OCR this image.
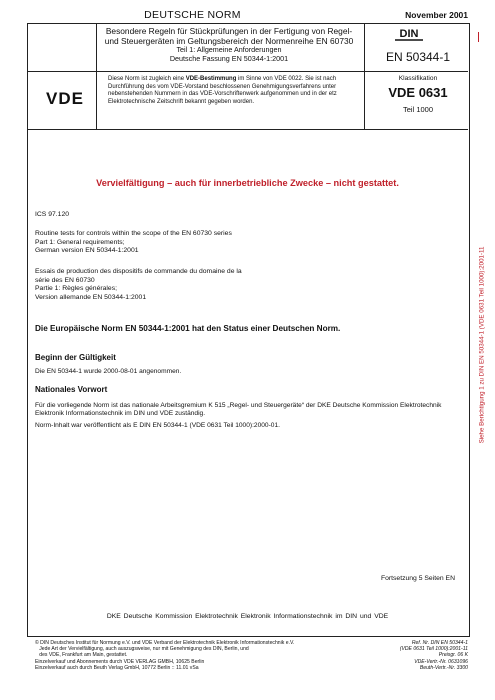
DEUTSCHE NORM	November 2001
Besondere Regeln für Stückprüfungen in der Fertigung von Regel-
und Steuergeräten im Geltungsbereich der Normenreihe EN 60730
Teil 1: Allgemeine Anforderungen
Deutsche Fassung EN 50344-1:2001
DIN
EN 50344-1
VDE
Diese Norm ist zugleich eine VDE-Bestimmung im Sinne von VDE 0022. Sie ist nach Durchführung des vom VDE-Vorstand beschlossenen Genehmigungsverfahrens unter nebenstehenden Nummern in das VDE-Vorschriftenwerk aufgenommen und in der etz Elektrotechnische Zeitschrift bekannt gegeben worden.
Klassifikation
VDE 0631
Teil 1000
Vervielfältigung – auch für innerbetriebliche Zwecke – nicht gestattet.
ICS 97.120
Routine tests for controls within the scope of the EN 60730 series
Part 1: General requirements;
German version EN 50344-1:2001
Essais de production des dispositifs de commande du domaine de la
série des EN 60730
Partie 1: Règles générales;
Version allemande EN 50344-1:2001
Die Europäische Norm EN 50344-1:2001 hat den Status einer Deutschen Norm.
Beginn der Gültigkeit
Die EN 50344-1 wurde 2000-08-01 angenommen.
Nationales Vorwort
Für die vorliegende Norm ist das nationale Arbeitsgremium K 515 „Regel- und Steuergeräte“ der DKE Deutsche Kommission Elektrotechnik Elektronik Informationstechnik im DIN und VDE zuständig.
Norm-Inhalt war veröffentlicht als E DIN EN 50344-1 (VDE 0631 Teil 1000):2000-01.
Fortsetzung 5 Seiten EN
DKE Deutsche Kommission Elektrotechnik Elektronik Informationstechnik im DIN und VDE
© DIN Deutsches Institut für Normung e.V. und VDE Verband der Elektrotechnik Elektronik Informationstechnik e.V.
Jede Art der Vervielfältigung, auch auszugsweise, nur mit Genehmigung des DIN, Berlin, und
des VDE, Frankfurt am Main, gestattet.
Einzelverkauf und Abonnements durch VDE VERLAG GMBH, 10625 Berlin
Einzelverkauf auch durch Beuth Verlag GmbH, 10772 Berlin :: 11.01 vSa
Ref. Nr. DIN EN 50344-1
(VDE 0631 Teil 1000):2001-11
Preisgr. 06 K
VDE-Vertr.-Nr. 0631096
Beuth-Vertr.-Nr. 3300
Siehe Berichtigung 1 zu DIN EN 50344-1 (VDE 0631 Teil 1000):2001-11
